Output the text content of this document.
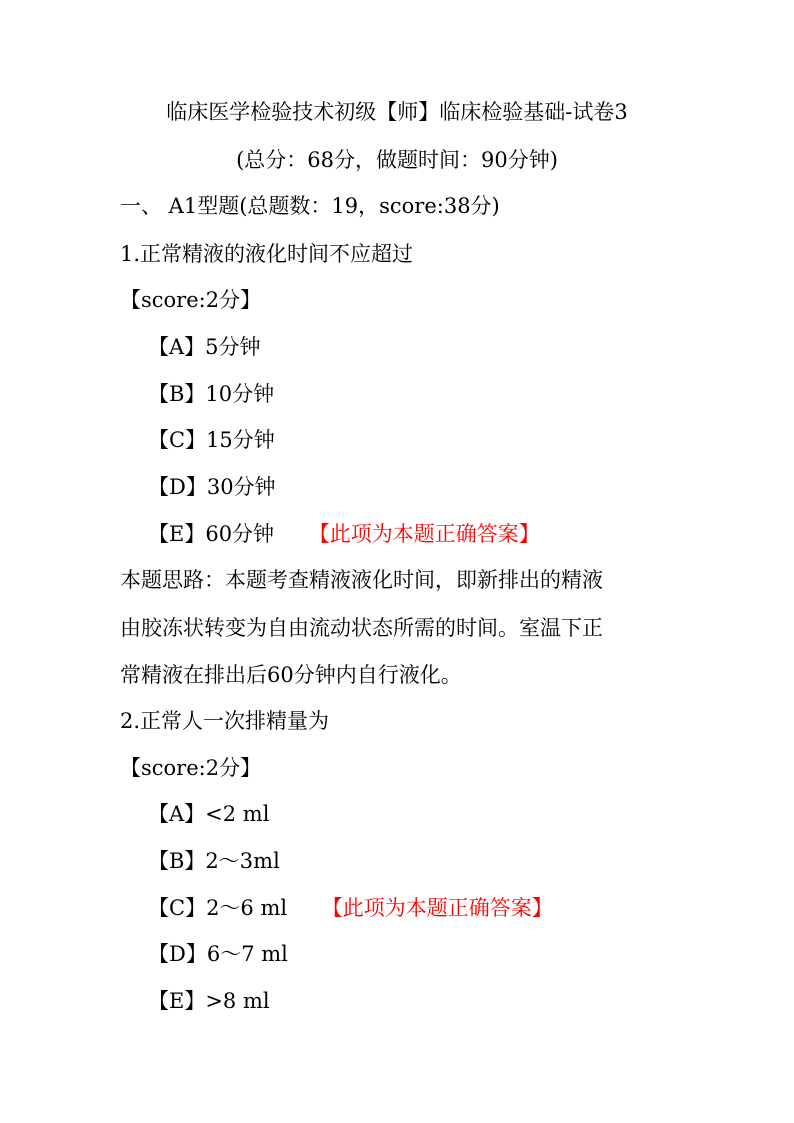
临床医学检验技术初级【师】临床检验基础-试卷3
(总分：68分，做题时间：90分钟)
一、 A1型题(总题数：19，score:38分)
1.正常精液的液化时间不应超过
【score:2分】
【A】5分钟
【B】10分钟
【C】15分钟
【D】30分钟
【E】60分钟 【此项为本题正确答案】
本题思路：本题考查精液液化时间，即新排出的精液
由胶冻状转变为自由流动状态所需的时间。室温下正
常精液在排出后60分钟内自行液化。
2.正常人一次排精量为
【score:2分】
【A】<2 ml
【B】2～3ml
【C】2～6 ml 【此项为本题正确答案】
【D】6～7 ml
【E】>8 ml
